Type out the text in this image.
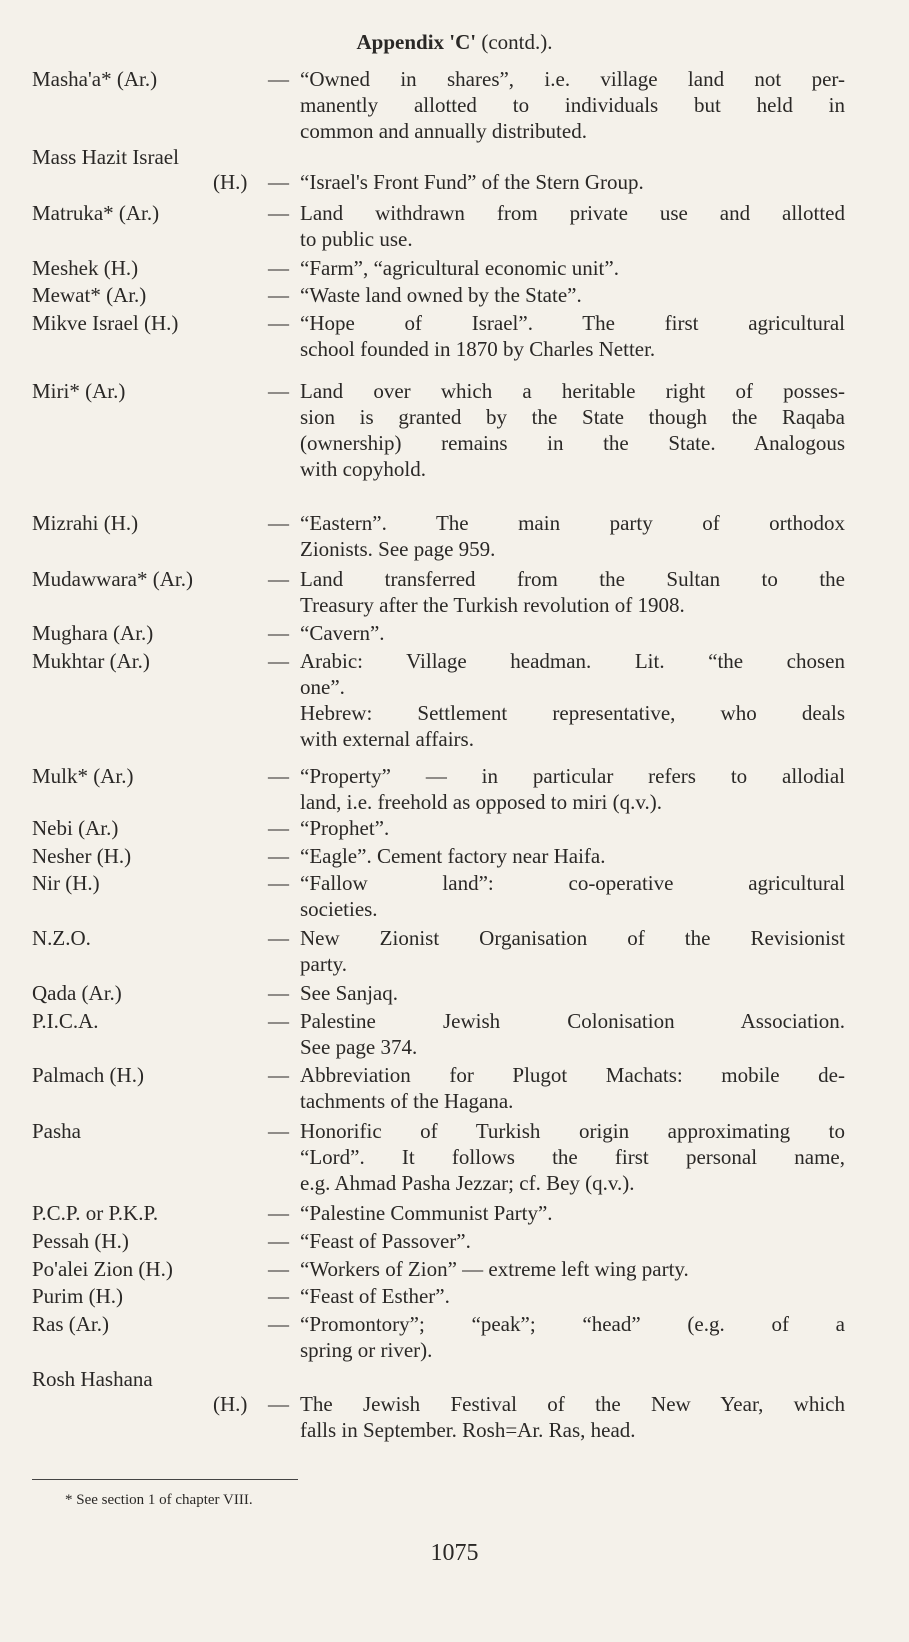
Appendix 'C' (contd.).
Masha'a* (Ar.)	— “Owned in shares”, i.e. village land not per-
manently allotted to individuals but held in
common and annually distributed.
Mass Hazit Israel
(H.) — “Israel's Front Fund” of the Stern Group.
Matruka* (Ar.)	— Land withdrawn from private use and allotted
to public use.
Meshek (H.)	— “Farm”, “agricultural economic unit”.
Mewat* (Ar.)	— “Waste land owned by the State”.
Mikve Israel (H.)	— “Hope of Israel”. The first agricultural
school founded in 1870 by Charles Netter.
Miri* (Ar.)	— Land over which a heritable right of posses-
sion is granted by the State though the Raqaba
(ownership) remains in the State. Analogous
with copyhold.
Mizrahi (H.)	— “Eastern”. The main party of orthodox
Zionists. See page 959.
Mudawwara* (Ar.)	— Land transferred from the Sultan to the
Treasury after the Turkish revolution of 1908.
Mughara (Ar.)	— “Cavern”.
Mukhtar (Ar.)	— Arabic: Village headman. Lit. “the chosen
one”.
Hebrew: Settlement representative, who deals
with external affairs.
Mulk* (Ar.)	— “Property” — in particular refers to allodial
land, i.e. freehold as opposed to miri (q.v.).
Nebi (Ar.)	— “Prophet”.
Nesher (H.)	— “Eagle”. Cement factory near Haifa.
Nir (H.)	— “Fallow land”: co-operative agricultural
societies.
N.Z.O.	— New Zionist Organisation of the Revisionist
party.
Qada (Ar.)	— See Sanjaq.
P.I.C.A.	— Palestine Jewish Colonisation Association.
See page 374.
Palmach (H.)	— Abbreviation for Plugot Machats: mobile de-
tachments of the Hagana.
Pasha	— Honorific of Turkish origin approximating to
“Lord”. It follows the first personal name,
e.g. Ahmad Pasha Jezzar; cf. Bey (q.v.).
P.C.P. or P.K.P.	— “Palestine Communist Party”.
Pessah (H.)	— “Feast of Passover”.
Po'alei Zion (H.)	— “Workers of Zion” — extreme left wing party.
Purim (H.)	— “Feast of Esther”.
Ras (Ar.)	— “Promontory”; “peak”; “head” (e.g. of a
spring or river).
Rosh Hashana
(H.) — The Jewish Festival of the New Year, which
falls in September. Rosh=Ar. Ras, head.
* See section 1 of chapter VIII.
1075
